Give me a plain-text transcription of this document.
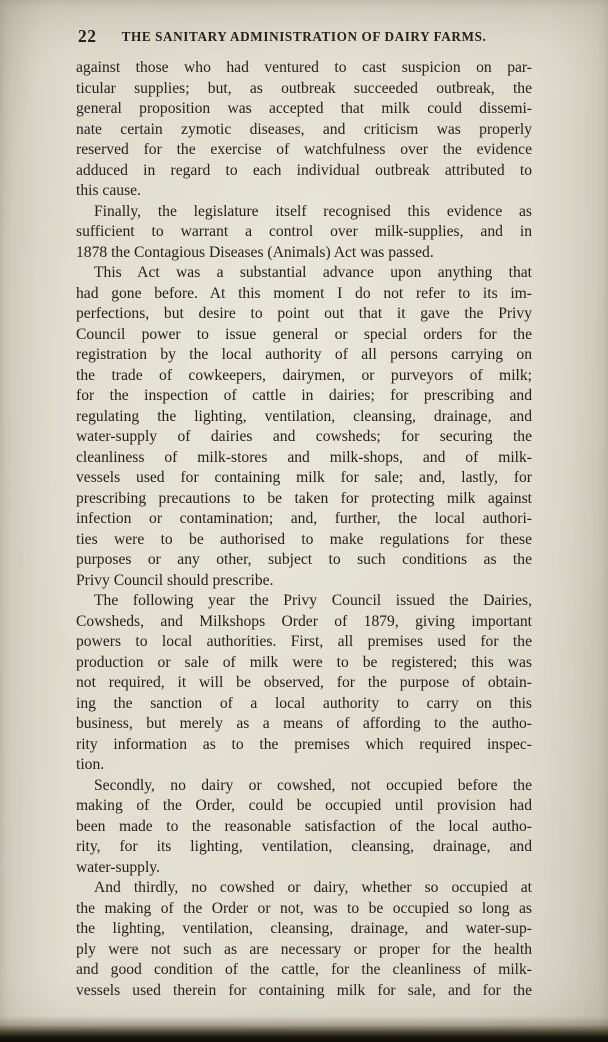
22	THE SANITARY ADMINISTRATION OF DAIRY FARMS.
against those who had ventured to cast suspicion on par-
ticular supplies; but, as outbreak succeeded outbreak, the
general proposition was accepted that milk could dissemi-
nate certain zymotic diseases, and criticism was properly
reserved for the exercise of watchfulness over the evidence
adduced in regard to each individual outbreak attributed to
this cause.
Finally, the legislature itself recognised this evidence as
sufficient to warrant a control over milk-supplies, and in
1878 the Contagious Diseases (Animals) Act was passed.
This Act was a substantial advance upon anything that
had gone before. At this moment I do not refer to its im-
perfections, but desire to point out that it gave the Privy
Council power to issue general or special orders for the
registration by the local authority of all persons carrying on
the trade of cowkeepers, dairymen, or purveyors of milk;
for the inspection of cattle in dairies; for prescribing and
regulating the lighting, ventilation, cleansing, drainage, and
water-supply of dairies and cowsheds; for securing the
cleanliness of milk-stores and milk-shops, and of milk-
vessels used for containing milk for sale; and, lastly, for
prescribing precautions to be taken for protecting milk against
infection or contamination; and, further, the local authori-
ties were to be authorised to make regulations for these
purposes or any other, subject to such conditions as the
Privy Council should prescribe.
The following year the Privy Council issued the Dairies,
Cowsheds, and Milkshops Order of 1879, giving important
powers to local authorities. First, all premises used for the
production or sale of milk were to be registered; this was
not required, it will be observed, for the purpose of obtain-
ing the sanction of a local authority to carry on this
business, but merely as a means of affording to the autho-
rity information as to the premises which required inspec-
tion.
Secondly, no dairy or cowshed, not occupied before the
making of the Order, could be occupied until provision had
been made to the reasonable satisfaction of the local autho-
rity, for its lighting, ventilation, cleansing, drainage, and
water-supply.
And thirdly, no cowshed or dairy, whether so occupied at
the making of the Order or not, was to be occupied so long as
the lighting, ventilation, cleansing, drainage, and water-sup-
ply were not such as are necessary or proper for the health
and good condition of the cattle, for the cleanliness of milk-
vessels used therein for containing milk for sale, and for the
